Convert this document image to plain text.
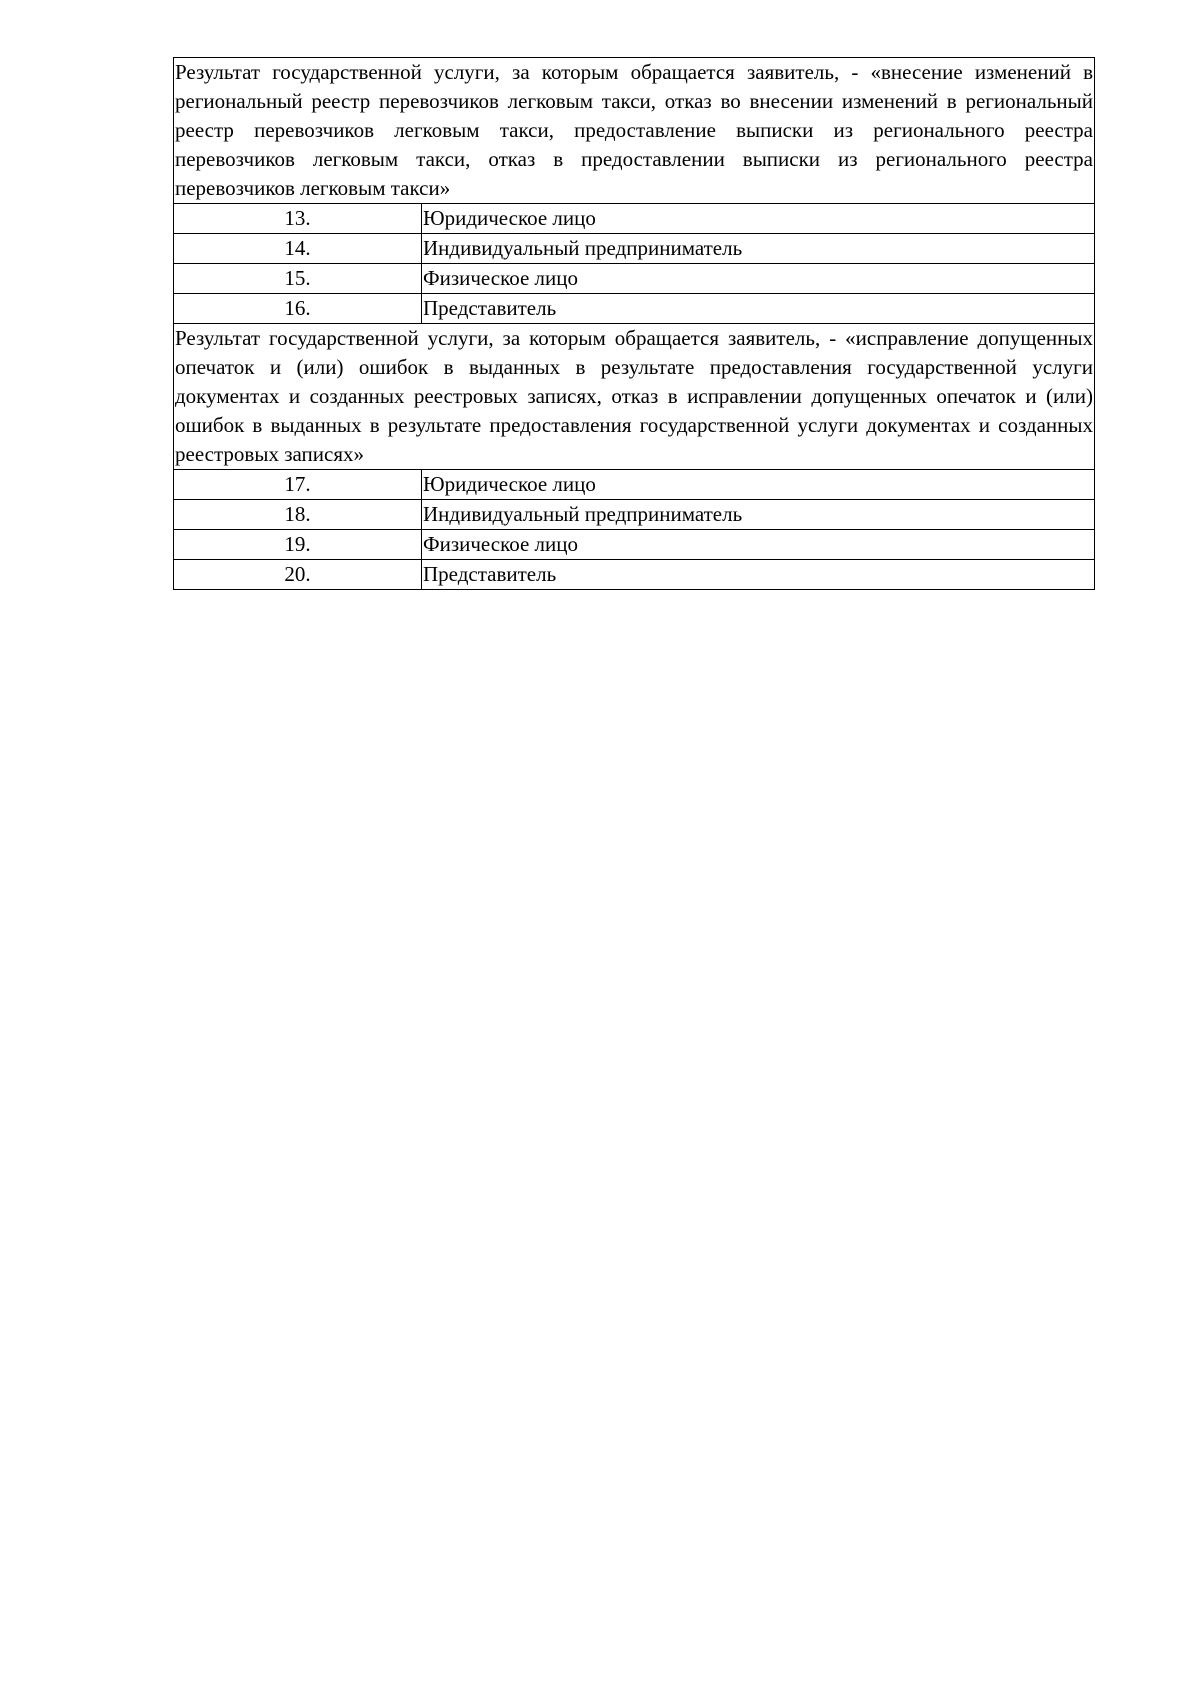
Результат государственной услуги, за которым обращается заявитель, - «внесение изменений в региональный реестр перевозчиков легковым такси, отказ во внесении изменений в региональный реестр перевозчиков легковым такси, предоставление выписки из регионального реестра перевозчиков легковым такси, отказ в предоставлении выписки из регионального реестра перевозчиков легковым такси»	
13.	Юридическое лицо
14.	Индивидуальный предприниматель
15.	Физическое лицо
16.	Представитель
Результат государственной услуги, за которым обращается заявитель, - «исправление допущенных опечаток и (или) ошибок в выданных в результате предоставления государственной услуги документах и созданных реестровых записях, отказ в исправлении допущенных опечаток и (или) ошибок в выданных в результате предоставления государственной услуги документах и созданных реестровых записях»	
17.	Юридическое лицо
18.	Индивидуальный предприниматель
19.	Физическое лицо
20.	Представитель
